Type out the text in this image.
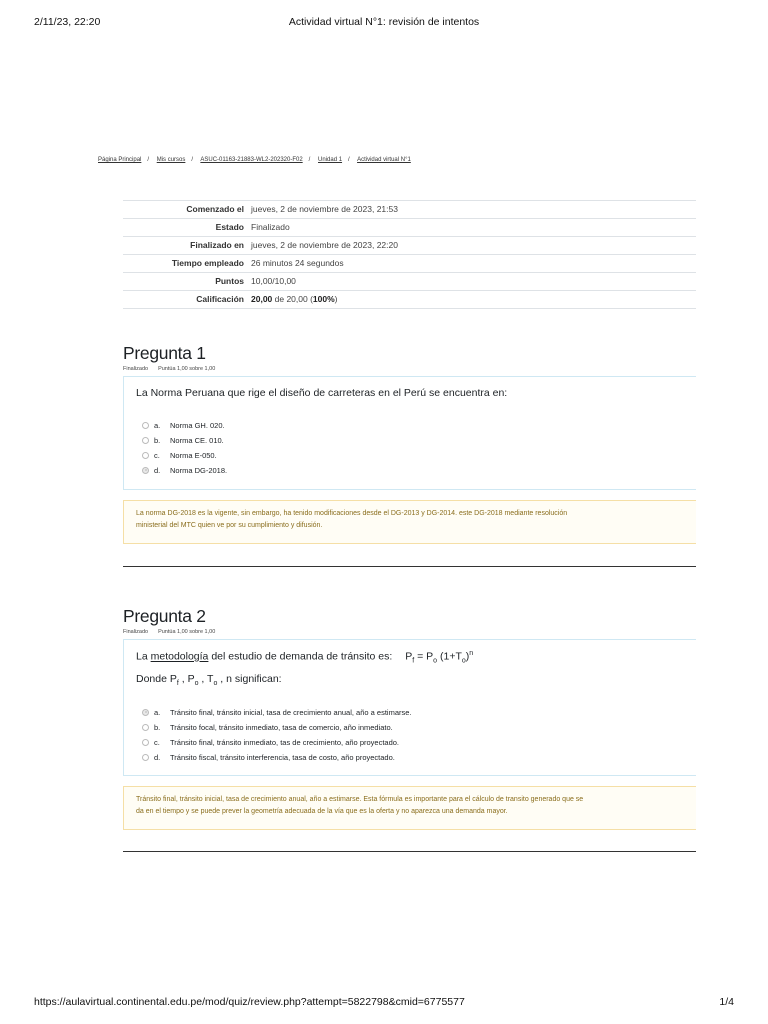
2/11/23, 22:20	Actividad virtual N°1: revisión de intentos
Página Principal / Mis cursos / ASUC-01163-21883-WL2-202320-F02 / Unidad 1 / Actividad virtual N°1
Comenzado el	jueves, 2 de noviembre de 2023, 21:53
Estado	Finalizado
Finalizado en	jueves, 2 de noviembre de 2023, 22:20
Tiempo empleado	26 minutos 24 segundos
Puntos	10,00/10,00
Calificación	20,00 de 20,00 (100%)
Pregunta 1
Finalizado Puntúa 1,00 sobre 1,00
La Norma Peruana que rige el diseño de carreteras en el Perú se encuentra en:
a. Norma GH. 020.
b. Norma CE. 010.
c. Norma E-050.
d. Norma DG-2018.
La norma DG-2018 es la vigente, sin embargo, ha tenido modificaciones desde el DG-2013 y DG-2014. este DG-2018 mediante resolución
ministerial del MTC quien ve por su cumplimiento y difusión.
Pregunta 2
Finalizado Puntúa 1,00 sobre 1,00
La metodología del estudio de demanda de tránsito es: $P_f = P_o$ $(1+T_o)^n$
Donde $P_f$ , $P_o$ , $T_o$ , n significan:
a. Tránsito final, tránsito inicial, tasa de crecimiento anual, año a estimarse.
b. Tránsito focal, tránsito inmediato, tasa de comercio, año inmediato.
c. Tránsito final, tránsito inmediato, tas de crecimiento, año proyectado.
d. Tránsito fiscal, tránsito interferencia, tasa de costo, año proyectado.
Tránsito final, tránsito inicial, tasa de crecimiento anual, año a estimarse. Esta fórmula es importante para el cálculo de transito generado que se
da en el tiempo y se puede prever la geometría adecuada de la vía que es la oferta y no aparezca una demanda mayor.
https://aulavirtual.continental.edu.pe/mod/quiz/review.php?attempt=5822798&cmid=6775577	1/4
